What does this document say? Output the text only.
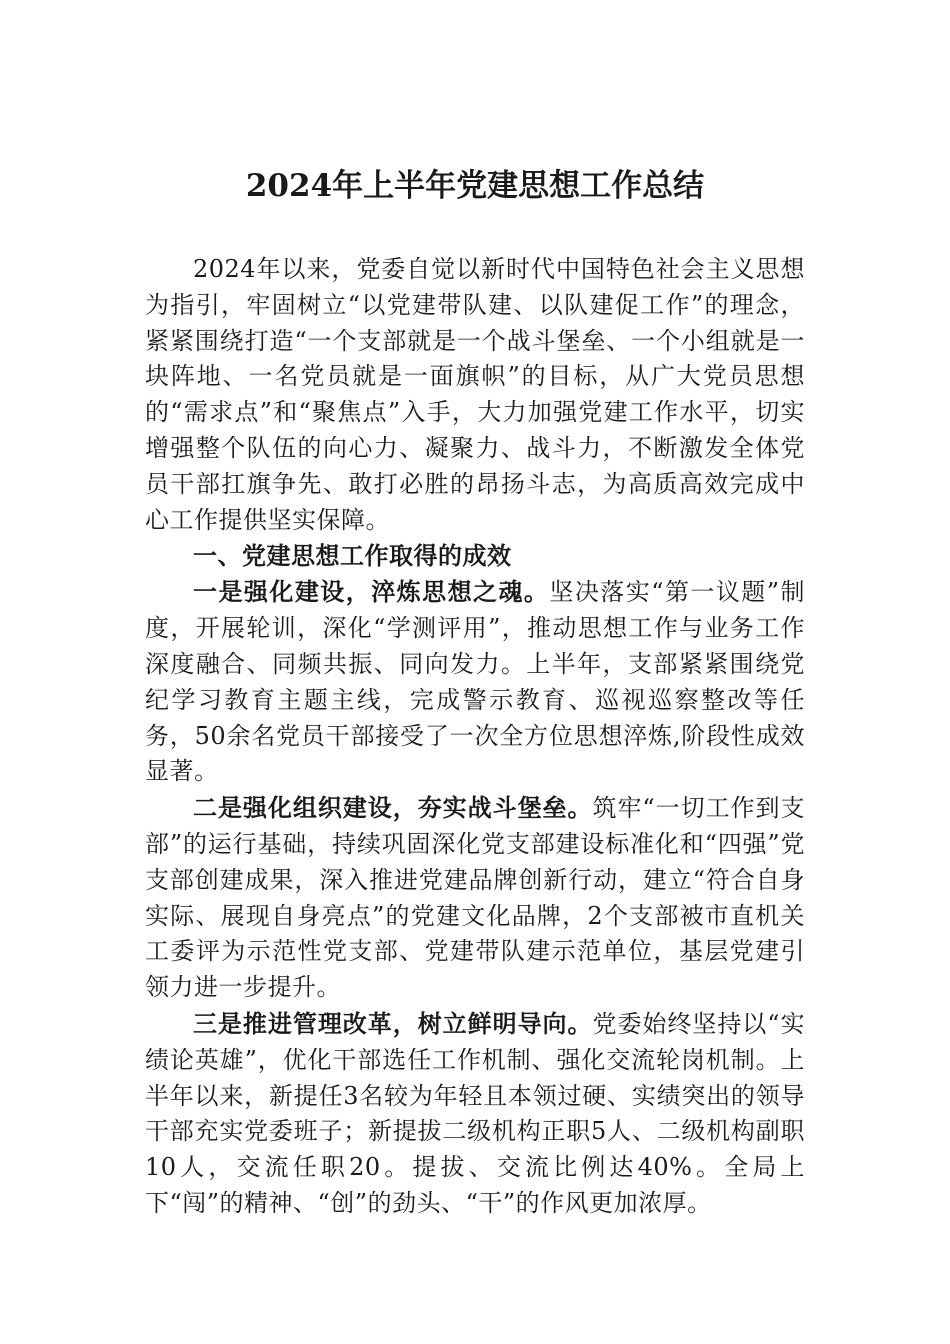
2024年上半年党建思想工作总结

2024年以来，党委自觉以新时代中国特色社会主义思想为指引，牢固树立“以党建带队建、以队建促工作”的理念，紧紧围绕打造“一个支部就是一个战斗堡垒、一个小组就是一块阵地、一名党员就是一面旗帜”的目标，从广大党员思想的“需求点”和“聚焦点”入手，大力加强党建工作水平，切实增强整个队伍的向心力、凝聚力、战斗力，不断激发全体党员干部扛旗争先、敢打必胜的昂扬斗志，为高质高效完成中心工作提供坚实保障。

一、党建思想工作取得的成效

一是强化建设，淬炼思想之魂。坚决落实“第一议题”制度，开展轮训，深化“学测评用”，推动思想工作与业务工作深度融合、同频共振、同向发力。上半年，支部紧紧围绕党纪学习教育主题主线，完成警示教育、巡视巡察整改等任务，50余名党员干部接受了一次全方位思想淬炼,阶段性成效显著。

二是强化组织建设，夯实战斗堡垒。筑牢“一切工作到支部”的运行基础，持续巩固深化党支部建设标准化和“四强”党支部创建成果，深入推进党建品牌创新行动，建立“符合自身实际、展现自身亮点”的党建文化品牌，2个支部被市直机关工委评为示范性党支部、党建带队建示范单位，基层党建引领力进一步提升。

三是推进管理改革，树立鲜明导向。党委始终坚持以“实绩论英雄”，优化干部选任工作机制、强化交流轮岗机制。上半年以来，新提任3名较为年轻且本领过硬、实绩突出的领导干部充实党委班子；新提拔二级机构正职5人、二级机构副职10人，交流任职20。提拔、交流比例达40%。全局上下“闯”的精神、“创”的劲头、“干”的作风更加浓厚。
